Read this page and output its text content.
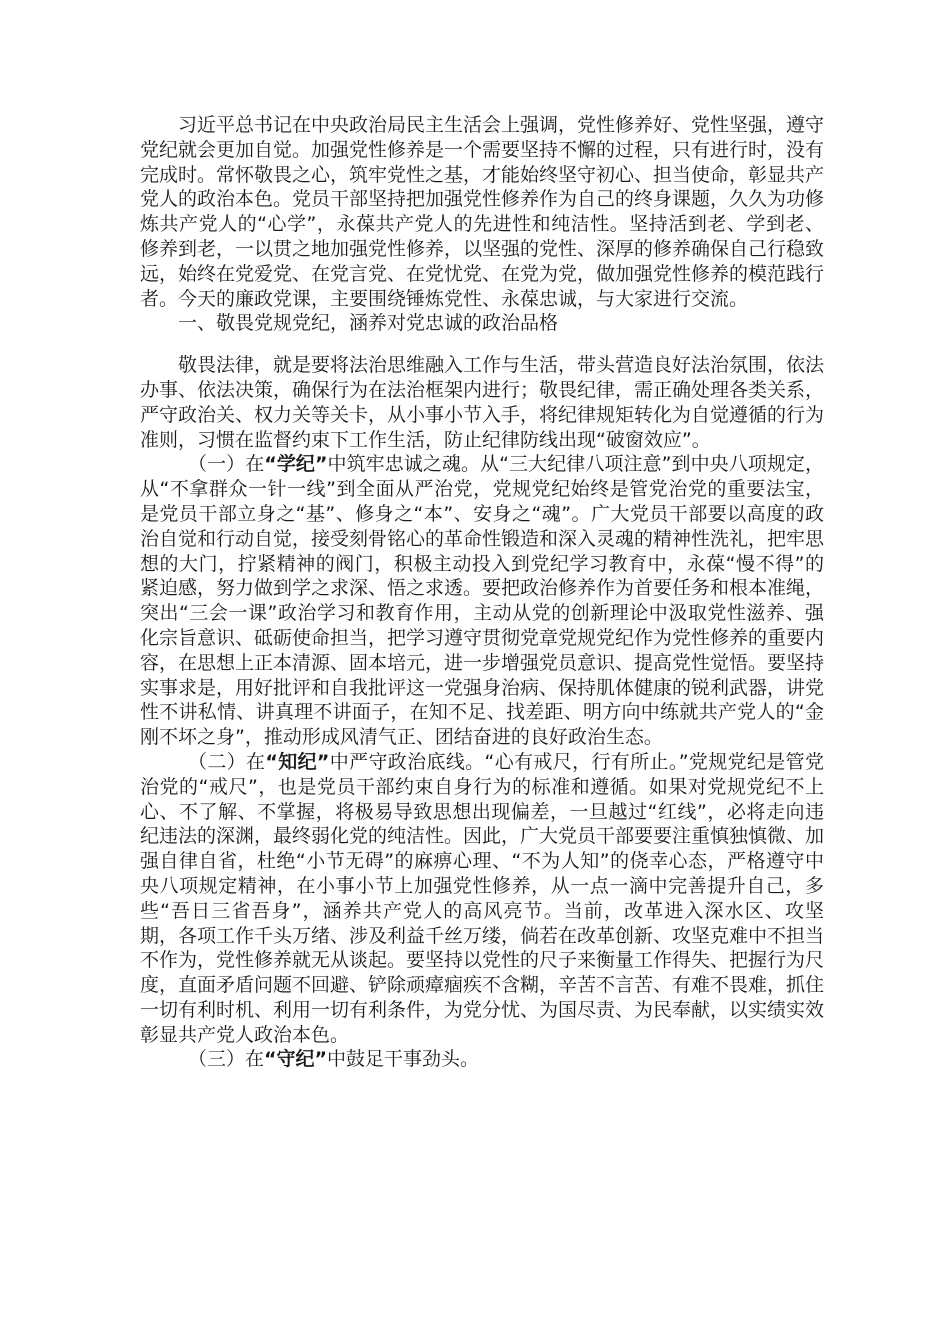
习近平总书记在中央政治局民主生活会上强调，党性修养好、党性坚强，遵守党纪就会更加自觉。加强党性修养是一个需要坚持不懈的过程，只有进行时，没有完成时。常怀敬畏之心，筑牢党性之基，才能始终坚守初心、担当使命，彰显共产党人的政治本色。党员干部坚持把加强党性修养作为自己的终身课题，久久为功修炼共产党人的“心学”，永葆共产党人的先进性和纯洁性。坚持活到老、学到老、修养到老，一以贯之地加强党性修养，以坚强的党性、深厚的修养确保自己行稳致远，始终在党爱党、在党言党、在党忧党、在党为党，做加强党性修养的模范践行者。今天的廉政党课，主要围绕锤炼党性、永葆忠诚，与大家进行交流。

一、敬畏党规党纪，涵养对党忠诚的政治品格

敬畏法律，就是要将法治思维融入工作与生活，带头营造良好法治氛围，依法办事、依法决策，确保行为在法治框架内进行；敬畏纪律，需正确处理各类关系，严守政治关、权力关等关卡，从小事小节入手，将纪律规矩转化为自觉遵循的行为准则，习惯在监督约束下工作生活，防止纪律防线出现“破窗效应”。

（一）在“学纪”中筑牢忠诚之魂。从“三大纪律八项注意”到中央八项规定，从“不拿群众一针一线”到全面从严治党，党规党纪始终是管党治党的重要法宝，是党员干部立身之“基”、修身之“本”、安身之“魂”。广大党员干部要以高度的政治自觉和行动自觉，接受刻骨铭心的革命性锻造和深入灵魂的精神性洗礼，把牢思想的大门，拧紧精神的阀门，积极主动投入到党纪学习教育中，永葆“慢不得”的紧迫感，努力做到学之求深、悟之求透。要把政治修养作为首要任务和根本准绳，突出“三会一课”政治学习和教育作用，主动从党的创新理论中汲取党性滋养、强化宗旨意识、砥砺使命担当，把学习遵守贯彻党章党规党纪作为党性修养的重要内容，在思想上正本清源、固本培元，进一步增强党员意识、提高党性觉悟。要坚持实事求是，用好批评和自我批评这一党强身治病、保持肌体健康的锐利武器，讲党性不讲私情、讲真理不讲面子，在知不足、找差距、明方向中练就共产党人的“金刚不坏之身”，推动形成风清气正、团结奋进的良好政治生态。

（二）在“知纪”中严守政治底线。“心有戒尺，行有所止。”党规党纪是管党治党的“戒尺”，也是党员干部约束自身行为的标准和遵循。如果对党规党纪不上心、不了解、不掌握，将极易导致思想出现偏差，一旦越过“红线”，必将走向违纪违法的深渊，最终弱化党的纯洁性。因此，广大党员干部要要注重慎独慎微、加强自律自省，杜绝“小节无碍”的麻痹心理、“不为人知”的侥幸心态，严格遵守中央八项规定精神，在小事小节上加强党性修养，从一点一滴中完善提升自己，多些“吾日三省吾身”，涵养共产党人的高风亮节。当前，改革进入深水区、攻坚期，各项工作千头万绪、涉及利益千丝万缕，倘若在改革创新、攻坚克难中不担当不作为，党性修养就无从谈起。要坚持以党性的尺子来衡量工作得失、把握行为尺度，直面矛盾问题不回避、铲除顽瘴痼疾不含糊，辛苦不言苦、有难不畏难，抓住一切有利时机、利用一切有利条件，为党分忧、为国尽责、为民奉献，以实绩实效彰显共产党人政治本色。

（三）在“守纪”中鼓足干事劲头。
